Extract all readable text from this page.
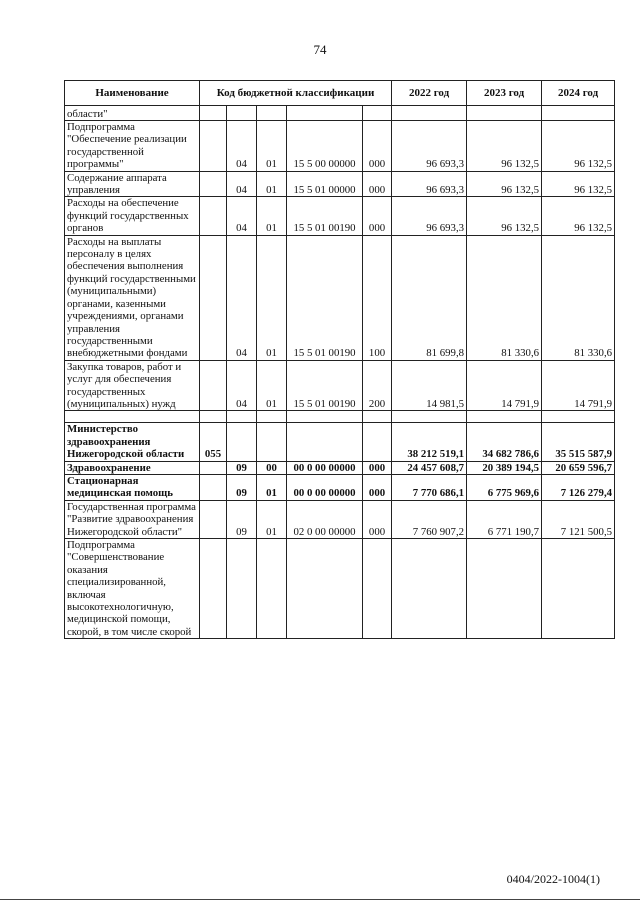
74
Наименование	Код бюджетной классификации					2022 год	2023 год	2024 год
области"								
Подпрограмма "Обеспечение реализации государственной программы"		04	01	15 5 00 00000	000	96 693,3	96 132,5	96 132,5
Содержание аппарата управления		04	01	15 5 01 00000	000	96 693,3	96 132,5	96 132,5
Расходы на обеспечение функций государственных органов		04	01	15 5 01 00190	000	96 693,3	96 132,5	96 132,5
Расходы на выплаты персоналу в целях обеспечения выполнения функций государственными (муниципальными) органами, казенными учреждениями, органами управления государственными внебюджетными фондами		04	01	15 5 01 00190	100	81 699,8	81 330,6	81 330,6
Закупка товаров, работ и услуг для обеспечения государственных (муниципальных) нужд		04	01	15 5 01 00190	200	14 981,5	14 791,9	14 791,9

Министерство здравоохранения Нижегородской области	055					38 212 519,1	34 682 786,6	35 515 587,9
Здравоохранение		09	00	00 0 00 00000	000	24 457 608,7	20 389 194,5	20 659 596,7
Стационарная медицинская помощь		09	01	00 0 00 00000	000	7 770 686,1	6 775 969,6	7 126 279,4
Государственная программа "Развитие здравоохранения Нижегородской области"		09	01	02 0 00 00000	000	7 760 907,2	6 771 190,7	7 121 500,5
Подпрограмма "Совершенствование оказания специализированной, включая высокотехнологичную, медицинской помощи, скорой, в том числе скорой								
0404/2022-1004(1)
